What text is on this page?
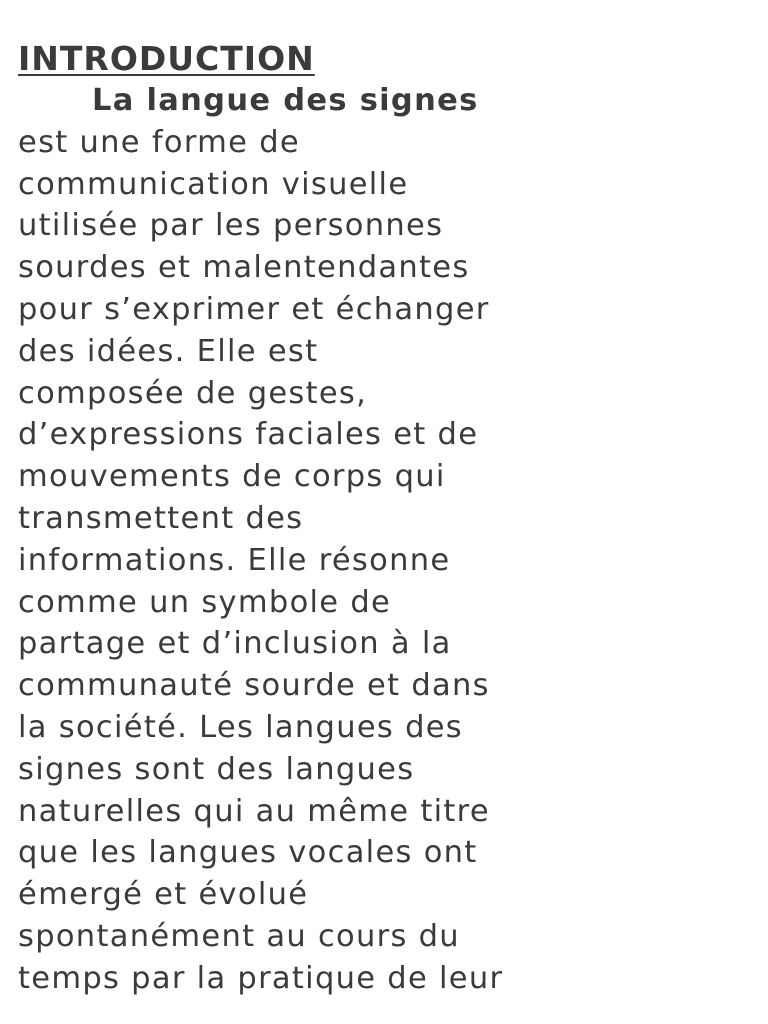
INTRODUCTION
La langue des signes
est une forme de
communication visuelle
utilisée par les personnes
sourdes et malentendantes
pour s’exprimer et échanger
des idées. Elle est
composée de gestes,
d’expressions faciales et de
mouvements de corps qui
transmettent des
informations. Elle résonne
comme un symbole de
partage et d’inclusion à la
communauté sourde et dans
la société. Les langues des
signes sont des langues
naturelles qui au même titre
que les langues vocales ont
émergé et évolué
spontanément au cours du
temps par la pratique de leur
